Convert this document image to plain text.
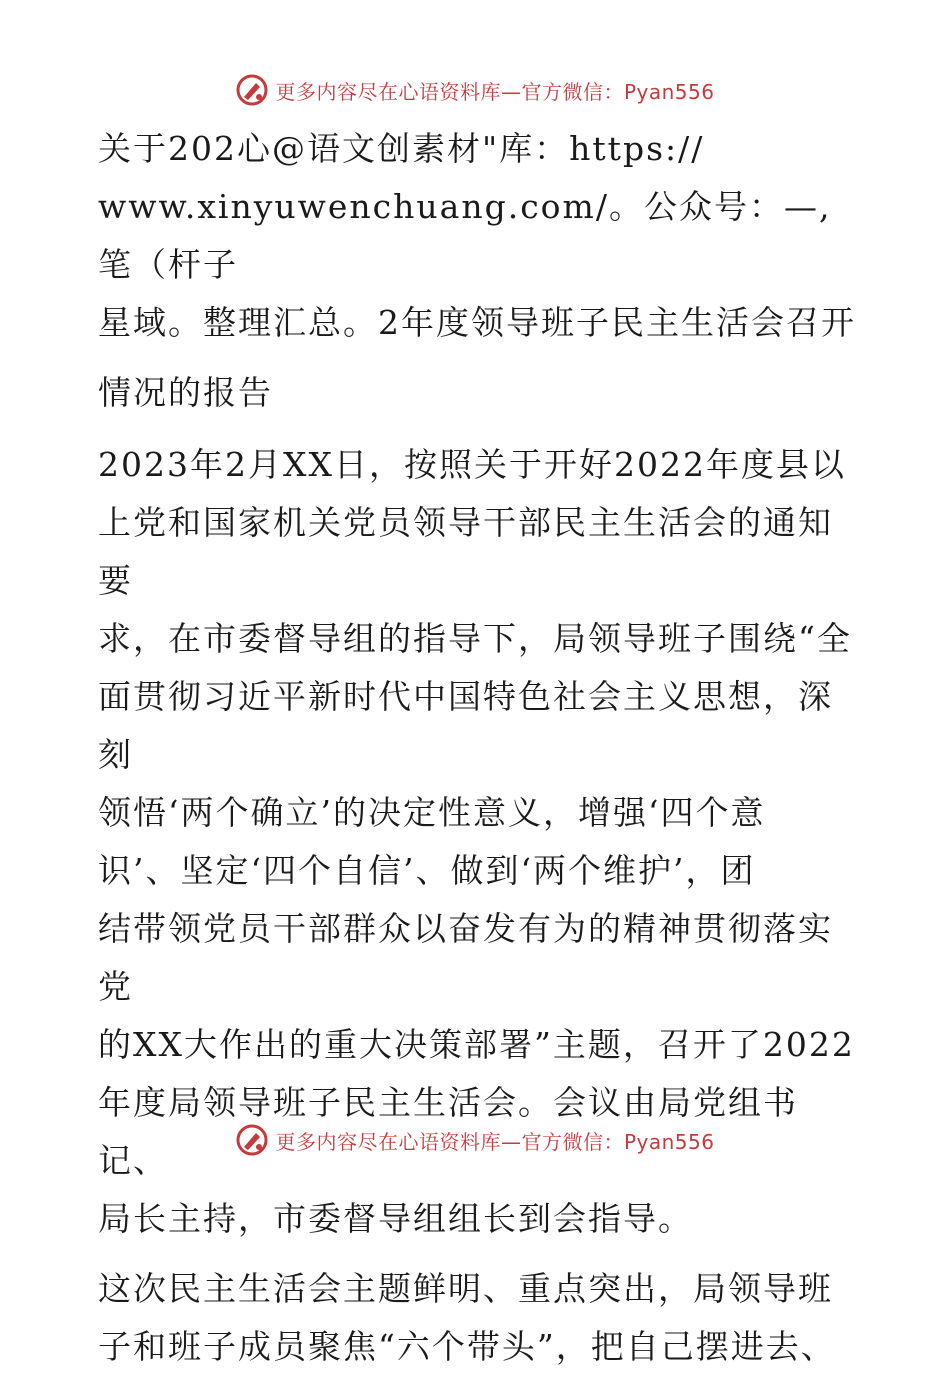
更多内容尽在心语资料库—官方微信：Pyan556
关于202心@语文创素材"库：https://
www.xinyuwenchuang.com/。公众号：—,笔（杆子
星域。整理汇总。2年度领导班子民主生活会召开
情况的报告
2023年2月XX日，按照关于开好2022年度县以
上党和国家机关党员领导干部民主生活会的通知要
求，在市委督导组的指导下，局领导班子围绕“全
面贯彻习近平新时代中国特色社会主义思想，深刻
领悟‘两个确立’的决定性意义，增强‘四个意
识’、坚定‘四个自信’、做到‘两个维护’，团
结带领党员干部群众以奋发有为的精神贯彻落实党
的XX大作出的重大决策部署”主题，召开了2022
年度局领导班子民主生活会。会议由局党组书记、
局长主持，市委督导组组长到会指导。
这次民主生活会主题鲜明、重点突出，局领导班
子和班子成员聚焦“六个带头”，把自己摆进去、
更多内容尽在心语资料库—官方微信：Pyan556
